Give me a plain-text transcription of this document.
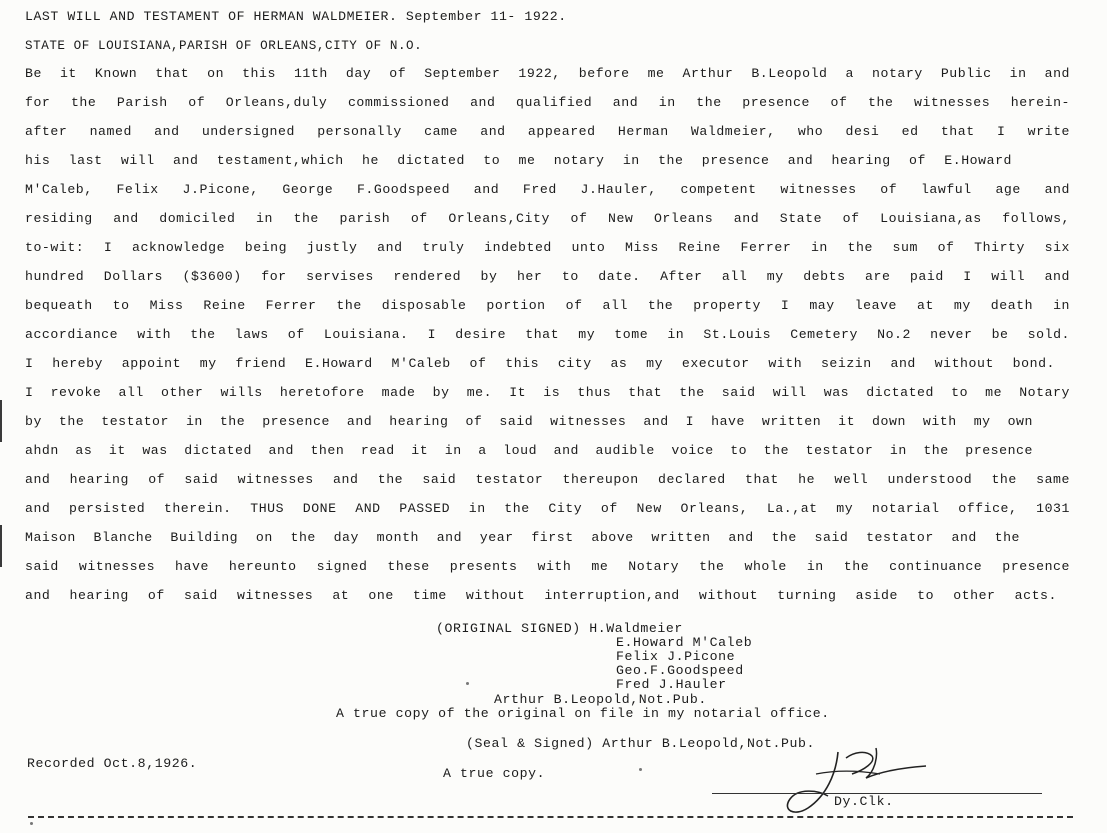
LAST WILL AND TESTAMENT OF HERMAN WALDMEIER. September 11- 1922.
STATE OF LOUISIANA,PARISH OF ORLEANS,CITY OF N.O.
Be it Known that on this 11th day of September 1922, before me Arthur B.Leopold a notary Public in and
for the Parish of Orleans,duly commissioned and qualified and in the presence of the witnesses herein-
after named and undersigned personally came and appeared Herman Waldmeier, who desi ed that I write
his last will and testament,which he dictated to me notary in the presence and hearing of E.Howard
M'Caleb, Felix J.Picone, George F.Goodspeed and Fred J.Hauler, competent witnesses of lawful age and
residing and domiciled in the parish of Orleans,City of New Orleans and State of Louisiana,as follows,
to-wit: I acknowledge being justly and truly indebted unto Miss Reine Ferrer in the sum of Thirty six
hundred Dollars ($3600) for servises rendered by her to date. After all my debts are paid I will and
bequeath to Miss Reine Ferrer the disposable portion of all the property I may leave at my death in
accordiance with the laws of Louisiana. I desire that my tome in St.Louis Cemetery No.2 never be sold.
I hereby appoint my friend E.Howard M'Caleb of this city as my executor with seizin and without bond.
I revoke all other wills heretofore made by me. It is thus that the said will was dictated to me Notary
by the testator in the presence and hearing of said witnesses and I have written it down with my own
ahdn as it was dictated and then read it in a loud and audible voice to the testator in the presence
and hearing of said witnesses and the said testator thereupon declared that he well understood the same
and persisted therein. THUS DONE AND PASSED in the City of New Orleans, La.,at my notarial office, 1031
Maison Blanche Building on the day month and year first above written and the said testator and the
said witnesses have hereunto signed these presents with me Notary the whole in the continuance presence
and hearing of said witnesses at one time without interruption,and without turning aside to other acts.
(ORIGINAL SIGNED) H.Waldmeier
E.Howard M'Caleb
Felix J.Picone
Geo.F.Goodspeed
Fred J.Hauler
Arthur B.Leopold,Not.Pub.
A true copy of the original on file in my notarial office.
(Seal & Signed) Arthur B.Leopold,Not.Pub.
Recorded Oct.8,1926.
A true copy.
Dy.Clk.
